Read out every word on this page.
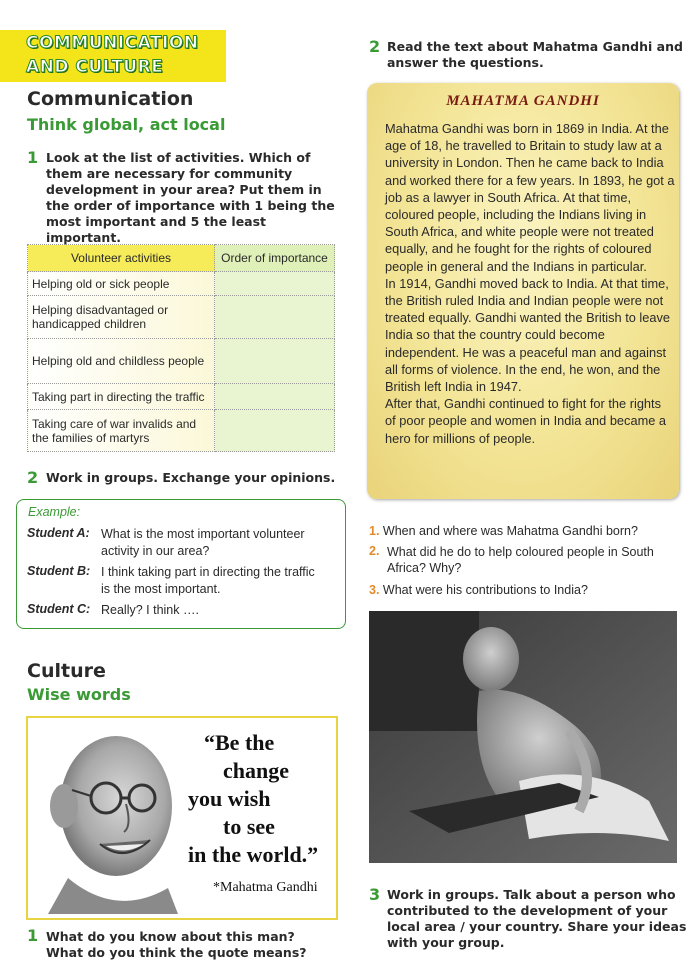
COMMUNICATION
AND CULTURE
Communication
Think global, act local
1 Look at the list of activities. Which of them are necessary for community development in your area? Put them in the order of importance with 1 being the most important and 5 the least important.
Volunteer activities	Order of importance
Helping old or sick people	
Helping disadvantaged or handicapped children	
Helping old and childless people	
Taking part in directing the traffic	
Taking care of war invalids and the families of martyrs	
2 Work in groups. Exchange your opinions.
Example:
Student A: What is the most important volunteer activity in our area?
Student B: I think taking part in directing the traffic is the most important.
Student C: Really? I think ….
Culture
Wise words
“Be the
change
you wish
to see
in the world.”
*Mahatma Gandhi
1 What do you know about this man? What do you think the quote means?
2 Read the text about Mahatma Gandhi and answer the questions.
MAHATMA GANDHI

Mahatma Gandhi was born in 1869 in India. At the age of 18, he travelled to Britain to study law at a university in London. Then he came back to India and worked there for a few years. In 1893, he got a job as a lawyer in South Africa. At that time, coloured people, including the Indians living in South Africa, and white people were not treated equally, and he fought for the rights of coloured people in general and the Indians in particular.

In 1914, Gandhi moved back to India. At that time, the British ruled India and Indian people were not treated equally. Gandhi wanted the British to leave India so that the country could become independent. He was a peaceful man and against all forms of violence. In the end, he won, and the British left India in 1947.

After that, Gandhi continued to fight for the rights of poor people and women in India and became a hero for millions of people.

1. When and where was Mahatma Gandhi born?
2. What did he do to help coloured people in South Africa? Why?
3. What were his contributions to India?
3 Work in groups. Talk about a person who contributed to the development of your local area / your country. Share your ideas with your group.
